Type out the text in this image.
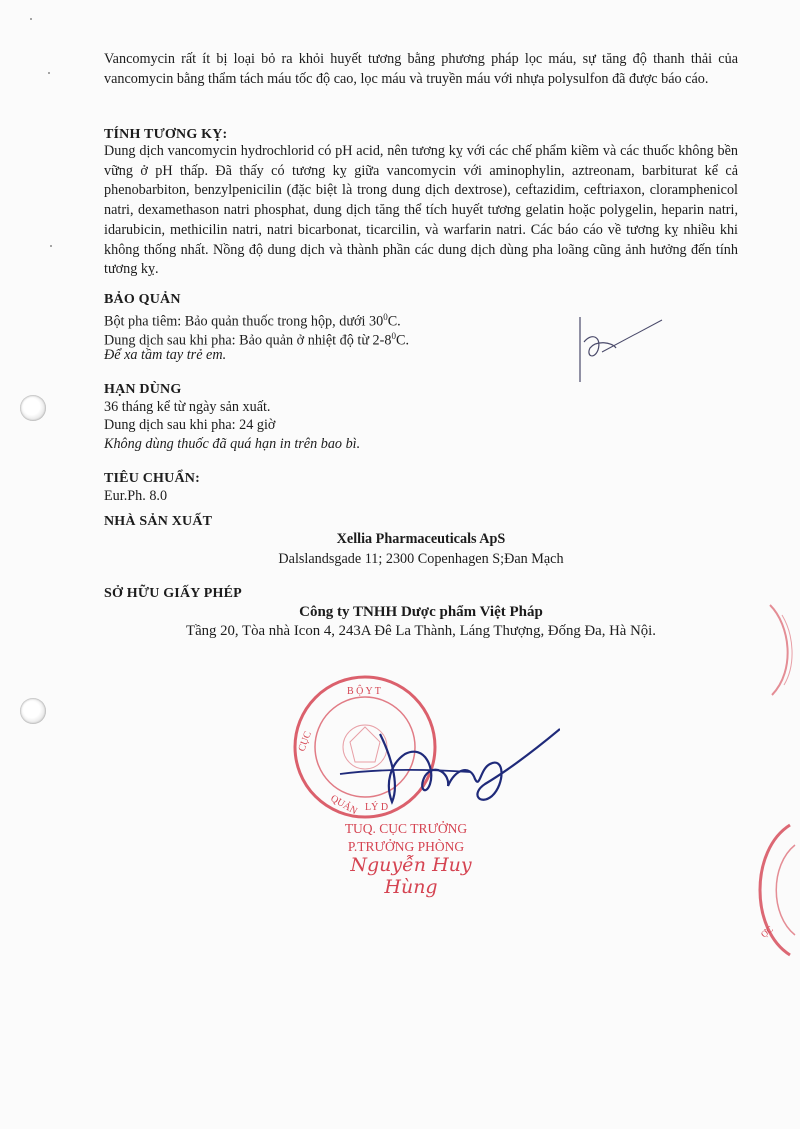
Vancomycin rất ít bị loại bỏ ra khỏi huyết tương bằng phương pháp lọc máu, sự tăng độ thanh thải của vancomycin bằng thẩm tách máu tốc độ cao, lọc máu và truyền máu với nhựa polysulfon đã được báo cáo.

TÍNH TƯƠNG KỴ:

Dung dịch vancomycin hydrochlorid có pH acid, nên tương kỵ với các chế phẩm kiềm và các thuốc không bền vững ở pH thấp. Đã thấy có tương kỵ giữa vancomycin với aminophylin, aztreonam, barbiturat kể cả phenobarbiton, benzylpenicilin (đặc biệt là trong dung dịch dextrose), ceftazidim, ceftriaxon, cloramphenicol natri, dexamethason natri phosphat, dung dịch tăng thể tích huyết tương gelatin hoặc polygelin, heparin natri, idarubicin, methicilin natri, natri bicarbonat, ticarcilin, và warfarin natri. Các báo cáo về tương kỵ nhiều khi không thống nhất. Nồng độ dung dịch và thành phần các dung dịch dùng pha loãng cũng ảnh hưởng đến tính tương kỵ.

BẢO QUẢN

Bột pha tiêm: Bảo quản thuốc trong hộp, dưới $30^0C$.

Dung dịch sau khi pha: Bảo quản ở nhiệt độ từ $2-8^0C$.

Để xa tầm tay trẻ em.

HẠN DÙNG

36 tháng kể từ ngày sản xuất.

Dung dịch sau khi pha: 24 giờ

Không dùng thuốc đã quá hạn in trên bao bì.

TIÊU CHUẨN:

Eur.Ph. 8.0

NHÀ SẢN XUẤT

Xellia Pharmaceuticals ApS
Dalslandsgade 11; 2300 Copenhagen S;Đan Mạch

SỞ HỮU GIẤY PHÉP

Công ty TNHH Dược phẩm Việt Pháp
Tầng 20, Tòa nhà Icon 4, 243A Đê La Thành, Láng Thượng, Đống Đa, Hà Nội.
B Ộ Y T
CỤC
QUẢN LÝ D
TUQ. CỤC TRƯỞNG
P.TRƯỞNG PHÒNG
Nguyễn Huy Hùng
ỢC
